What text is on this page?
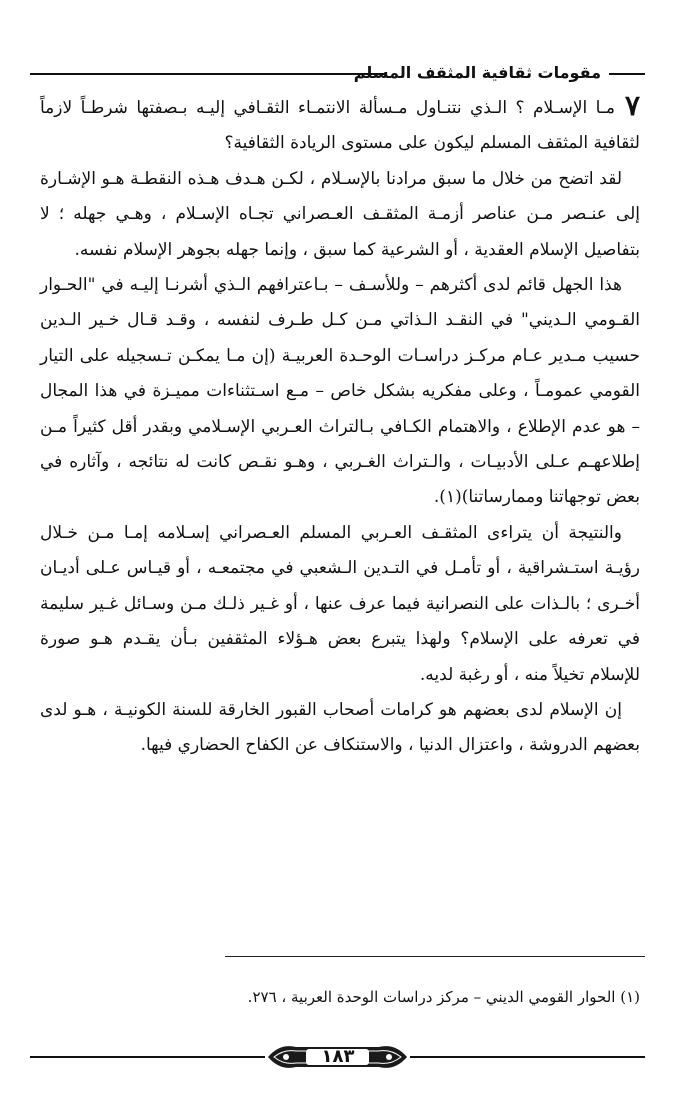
مقومات ثقافية المثقف المسلم

٧مـا الإسـلام ؟ الـذي نتنـاول مـسألة الانتمـاء الثقـافي إليـه بـصفتها شرطـاً لازماً لثقافية المثقف المسلم ليكون على مستوى الريادة الثقافية؟

لقد اتضح من خلال ما سبق مرادنا بالإسـلام ، لكـن هـدف هـذه النقطـة هـو الإشـارة إلى عنـصر مـن عناصر أزمـة المثقـف العـصراني تجـاه الإسـلام ، وهـي جهله ؛ لا بتفاصيل الإسلام العقدية ، أو الشرعية كما سبق ، وإنما جهله بجوهر الإسلام نفسه.

هذا الجهل قائم لدى أكثرهم – وللأسـف – بـاعترافهم الـذي أشرنـا إليـه في "الحـوار القـومي الـديني" في النقـد الـذاتي مـن كـل طـرف لنفسه ، وقـد قـال خـير الـدين حسيب مـدير عـام مركـز دراسـات الوحـدة العربيـة (إن مـا يمكـن تـسجيله على التيار القومي عمومـاً ، وعلى مفكريه بشكل خاص – مـع اسـتثناءات مميـزة في هذا المجال – هو عدم الإطلاع ، والاهتمام الكـافي بـالتراث العـربي الإسـلامي وبقدر أقل كثيراً مـن إطلاعهـم عـلى الأدبيـات ، والـتراث الغـربي ، وهـو نقـص كانت له نتائجه ، وآثاره في بعض توجهاتنا وممارساتنا)(١).

والنتيجة أن يتراءى المثقـف العـربي المسلم العـصراني إسـلامه إمـا مـن خـلال رؤيـة استـشراقية ، أو تأمـل في التـدين الـشعبي في مجتمعـه ، أو قيـاس عـلى أديـان أخـرى ؛ بالـذات على النصرانية فيما عرف عنها ، أو غـير ذلـك مـن وسـائل غـير سليمة في تعرفه على الإسلام؟ ولهذا يتبرع بعض هـؤلاء المثقفين بـأن يقـدم هـو صورة للإسلام تخيلاً منه ، أو رغبة لديه.

إن الإسلام لدى بعضهم هو كرامات أصحاب القبور الخارقة للسنة الكونيـة ، هـو لدى بعضهم الدروشة ، واعتزال الدنيا ، والاستنكاف عن الكفاح الحضاري فيها.

(١) الحوار القومي الديني – مركز دراسات الوحدة العربية ، ٢٧٦.
١٨٣
